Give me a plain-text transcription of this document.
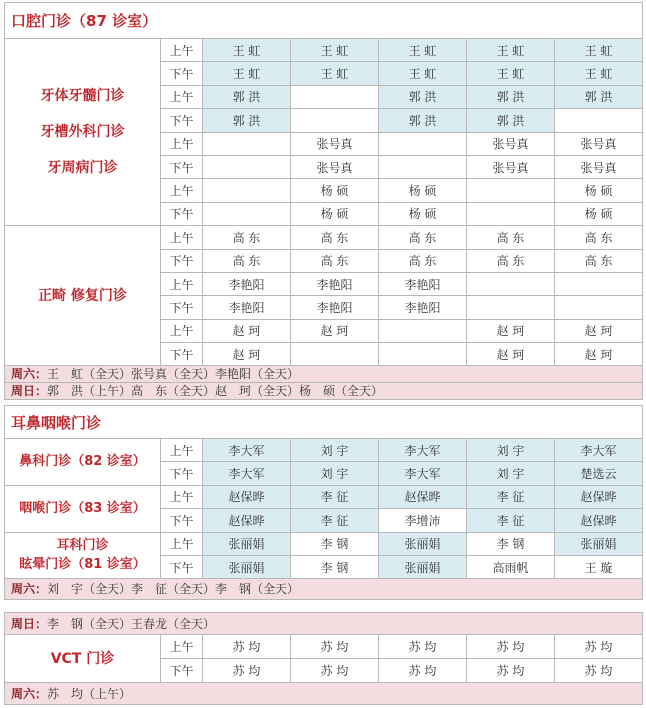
口腔门诊（87 诊室）						

牙体牙髓门诊
牙槽外科门诊
牙周病门诊	上午	王 虹	王 虹	王 虹	王 虹	王 虹
	下午	王 虹	王 虹	王 虹	王 虹	王 虹
	上午	郭 洪		郭 洪	郭 洪	郭 洪
	下午	郭 洪		郭 洪	郭 洪	
	上午		张号真		张号真	张号真
	下午		张号真		张号真	张号真
	上午		杨 硕	杨 硕		杨 硕
	下午		杨 硕	杨 硕		杨 硕

正畸 修复门诊	上午	高 东	高 东	高 东	高 东	高 东
	下午	高 东	高 东	高 东	高 东	高 东
	上午	李艳阳	李艳阳	李艳阳		
	下午	李艳阳	李艳阳	李艳阳		
	上午	赵 珂	赵 珂		赵 珂	赵 珂
	下午	赵 珂			赵 珂	赵 珂
周六：王　虹（全天）张号真（全天）李艳阳（全天）						
周日：郭　洪（上午）高　东（全天）赵　珂（全天）杨　硕（全天）						
耳鼻咽喉门诊						

鼻科门诊（82 诊室）	上午	李大军	刘 宇	李大军	刘 宇	李大军
	下午	李大军	刘 宇	李大军	刘 宇	楚选云

咽喉门诊（83 诊室）	上午	赵保晔	李 征	赵保晔	李 征	赵保晔
	下午	赵保晔	李 征	李增沛	李 征	赵保晔

耳科门诊
眩晕门诊（81 诊室）	上午	张丽娟	李 钢	张丽娟	李 钢	张丽娟
	下午	张丽娟	李 钢	张丽娟	高雨帆	王 璇
周六：刘　宇（全天）李　征（全天）李　钢（全天）						
周日：李　钢（全天）王春龙（全天）						

VCT 门诊	上午	苏 均	苏 均	苏 均	苏 均	苏 均
	下午	苏 均	苏 均	苏 均	苏 均	苏 均
周六：苏　均（上午）						
